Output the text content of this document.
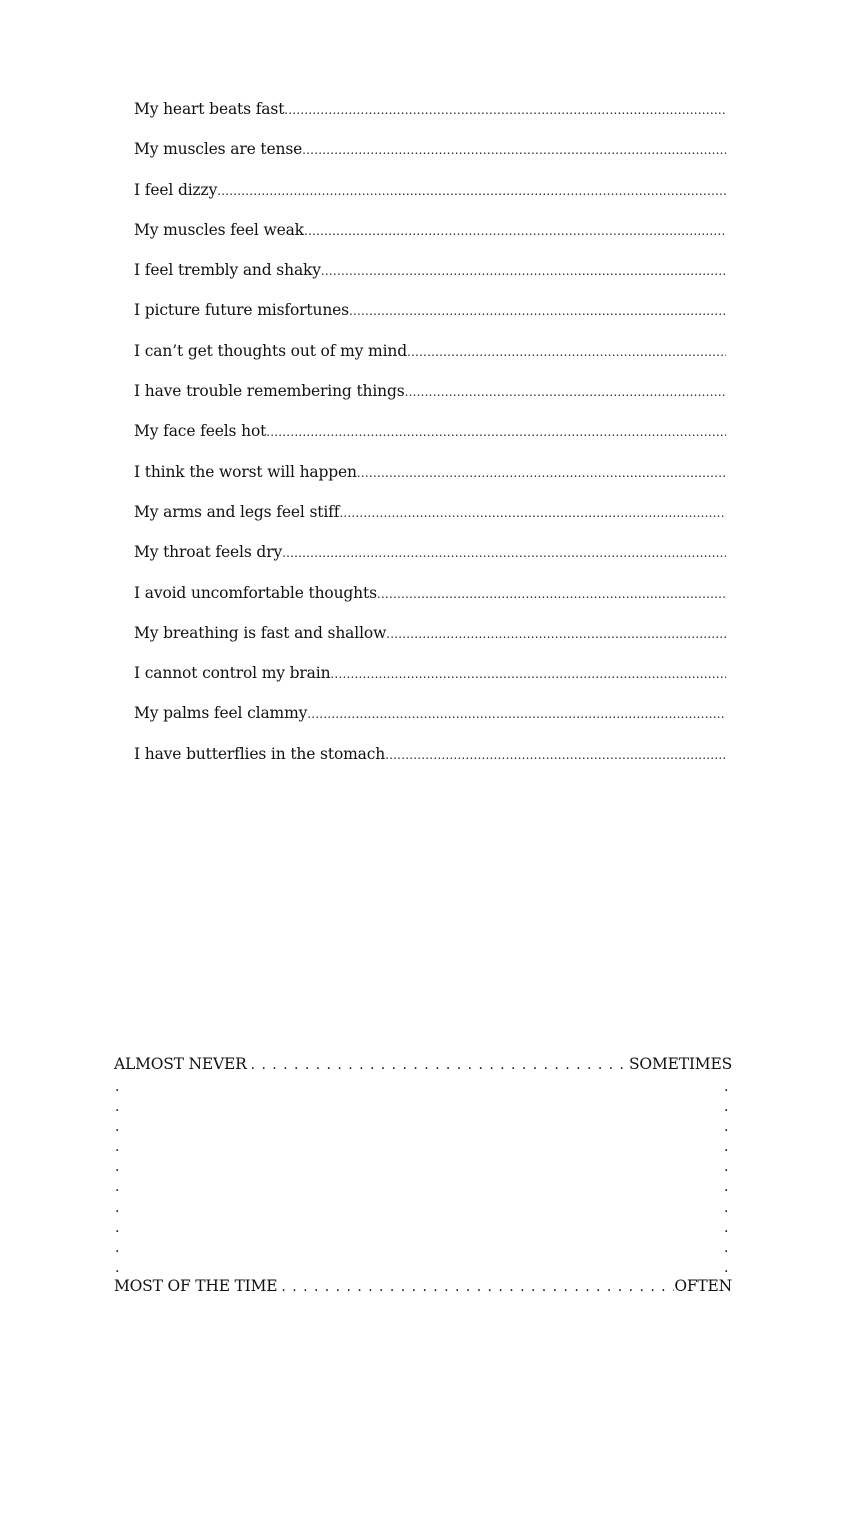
My heart beats fast
.....
My muscles are tense
.....
I feel dizzy
.....
My muscles feel weak
.....
I feel trembly and shaky
.....
I picture future misfortunes
.....
I can’t get thoughts out of my mind
.....
I have trouble remembering things
.....
My face feels hot
.....
I think the worst will happen
.....
My arms and legs feel stiff
.....
My throat feels dry
.....
I avoid uncomfortable thoughts
.....
My breathing is fast and shallow
.....
I cannot control my brain
.....
My palms feel clammy
.....
I have butterflies in the stomach
.....
ALMOST NEVER .....	SOMETIMES
.
.
.
.
.
.
.
.
.
.
.
.
.
.
.
.
.
.
.
.
MOST OF THE TIME .....	OFTEN
